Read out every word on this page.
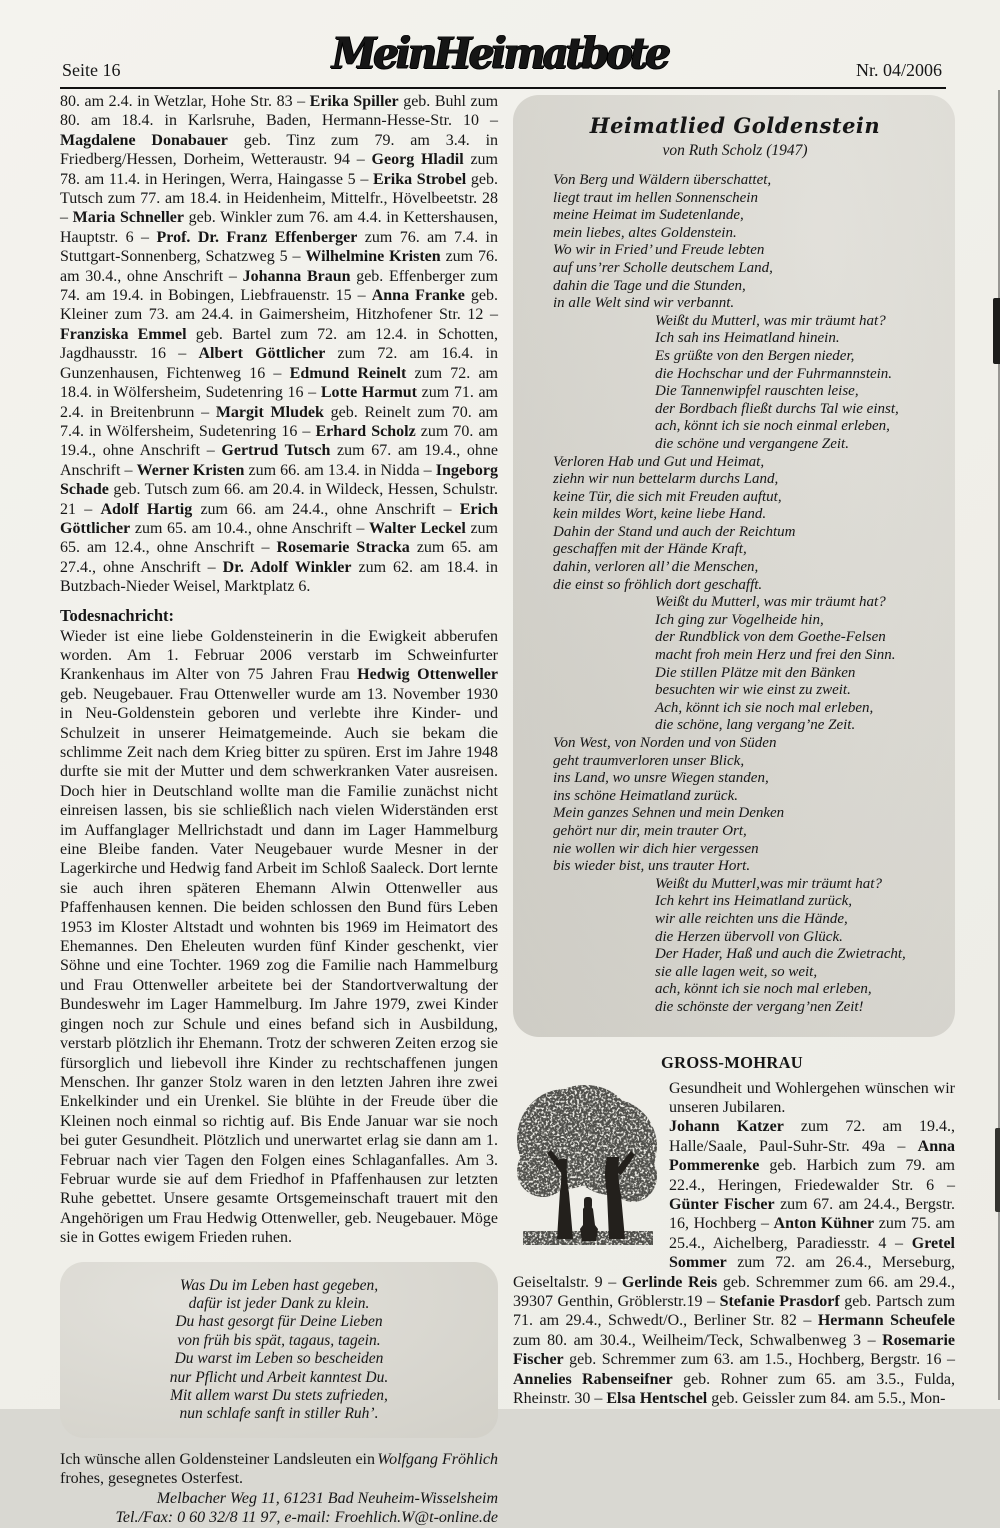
Seite 16	MeinHeimatbote	Nr. 04/2006

80. am 2.4. in Wetzlar, Hohe Str. 83 – Erika Spiller geb. Buhl zum 80. am 18.4. in Karlsruhe, Baden, Hermann-Hesse-Str. 10 – Magdalene Donabauer geb. Tinz zum 79. am 3.4. in Friedberg/Hessen, Dorheim, Wetteraustr. 94 – Georg Hladil zum 78. am 11.4. in Heringen, Werra, Haingasse 5 – Erika Strobel geb. Tutsch zum 77. am 18.4. in Heidenheim, Mittelfr., Hövelbeetstr. 28 – Maria Schneller geb. Winkler zum 76. am 4.4. in Kettershausen, Hauptstr. 6 – Prof. Dr. Franz Effenberger zum 76. am 7.4. in Stuttgart-Sonnenberg, Schatzweg 5 – Wilhelmine Kristen zum 76. am 30.4., ohne Anschrift – Johanna Braun geb. Effenberger zum 74. am 19.4. in Bobingen, Liebfrauenstr. 15 – Anna Franke geb. Kleiner zum 73. am 24.4. in Gaimersheim, Hitzhofener Str. 12 – Franziska Emmel geb. Bartel zum 72. am 12.4. in Schotten, Jagdhausstr. 16 – Albert Göttlicher zum 72. am 16.4. in Gunzenhausen, Fichtenweg 16 – Edmund Reinelt zum 72. am 18.4. in Wölfersheim, Sudetenring 16 – Lotte Harmut zum 71. am 2.4. in Breitenbrunn – Margit Mludek geb. Reinelt zum 70. am 7.4. in Wölfersheim, Sudetenring 16 – Erhard Scholz zum 70. am 19.4., ohne Anschrift – Gertrud Tutsch zum 67. am 19.4., ohne Anschrift – Werner Kristen zum 66. am 13.4. in Nidda – Ingeborg Schade geb. Tutsch zum 66. am 20.4. in Wildeck, Hessen, Schulstr. 21 – Adolf Hartig zum 66. am 24.4., ohne Anschrift – Erich Göttlicher zum 65. am 10.4., ohne Anschrift – Walter Leckel zum 65. am 12.4., ohne Anschrift – Rosemarie Stracka zum 65. am 27.4., ohne Anschrift – Dr. Adolf Winkler zum 62. am 18.4. in Butzbach-Nieder Weisel, Marktplatz 6.

Todesnachricht:

Wieder ist eine liebe Goldensteinerin in die Ewigkeit abberufen worden. Am 1. Februar 2006 verstarb im Schweinfurter Krankenhaus im Alter von 75 Jahren Frau Hedwig Ottenweller geb. Neugebauer. Frau Ottenweller wurde am 13. November 1930 in Neu-Goldenstein geboren und verlebte ihre Kinder- und Schulzeit in unserer Heimatgemeinde. Auch sie bekam die schlimme Zeit nach dem Krieg bitter zu spüren. Erst im Jahre 1948 durfte sie mit der Mutter und dem schwerkranken Vater ausreisen. Doch hier in Deutschland wollte man die Familie zunächst nicht einreisen lassen, bis sie schließlich nach vielen Widerständen erst im Auffanglager Mellrichstadt und dann im Lager Hammelburg eine Bleibe fanden. Vater Neugebauer wurde Mesner in der Lagerkirche und Hedwig fand Arbeit im Schloß Saaleck. Dort lernte sie auch ihren späteren Ehemann Alwin Ottenweller aus Pfaffenhausen kennen. Die beiden schlossen den Bund fürs Leben 1953 im Kloster Altstadt und wohnten bis 1969 im Heimatort des Ehemannes. Den Eheleuten wurden fünf Kinder geschenkt, vier Söhne und eine Tochter. 1969 zog die Familie nach Hammelburg und Frau Ottenweller arbeitete bei der Standortverwaltung der Bundeswehr im Lager Hammelburg. Im Jahre 1979, zwei Kinder gingen noch zur Schule und eines befand sich in Ausbildung, verstarb plötzlich ihr Ehemann. Trotz der schweren Zeiten erzog sie fürsorglich und liebevoll ihre Kinder zu rechtschaffenen jungen Menschen. Ihr ganzer Stolz waren in den letzten Jahren ihre zwei Enkelkinder und ein Urenkel. Sie blühte in der Freude über die Kleinen noch einmal so richtig auf. Bis Ende Januar war sie noch bei guter Gesundheit. Plötzlich und unerwartet erlag sie dann am 1. Februar nach vier Tagen den Folgen eines Schlaganfalles. Am 3. Februar wurde sie auf dem Friedhof in Pfaffenhausen zur letzten Ruhe gebettet. Unsere gesamte Ortsgemeinschaft trauert mit den Angehörigen um Frau Hedwig Ottenweller, geb. Neugebauer. Möge sie in Gottes ewigem Frieden ruhen.

Was Du im Leben hast gegeben,
dafür ist jeder Dank zu klein.
Du hast gesorgt für Deine Lieben
von früh bis spät, tagaus, tagein.
Du warst im Leben so bescheiden
nur Pflicht und Arbeit kanntest Du.
Mit allem warst Du stets zufrieden,
nun schlafe sanft in stiller Ruh’.
Wolfgang Fröhlich
Ich wünsche allen Goldensteiner Landsleuten ein frohes, gesegnetes Osterfest.
Melbacher Weg 11, 61231 Bad Neuheim-Wisselsheim
Tel./Fax: 0 60 32/8 11 97, e-mail: Froehlich.W@t-online.de
Heimatlied Goldenstein
von Ruth Scholz (1947)
Von Berg und Wäldern überschattet,
liegt traut im hellen Sonnenschein
meine Heimat im Sudetenlande,
mein liebes, altes Goldenstein.
Wo wir in Fried’ und Freude lebten
auf uns’rer Scholle deutschem Land,
dahin die Tage und die Stunden,
in alle Welt sind wir verbannt.
Weißt du Mutterl, was mir träumt hat?
Ich sah ins Heimatland hinein.
Es grüßte von den Bergen nieder,
die Hochschar und der Fuhrmannstein.
Die Tannenwipfel rauschten leise,
der Bordbach fließt durchs Tal wie einst,
ach, könnt ich sie noch einmal erleben,
die schöne und vergangene Zeit.
Verloren Hab und Gut und Heimat,
ziehn wir nun bettelarm durchs Land,
keine Tür, die sich mit Freuden auftut,
kein mildes Wort, keine liebe Hand.
Dahin der Stand und auch der Reichtum
geschaffen mit der Hände Kraft,
dahin, verloren all’ die Menschen,
die einst so fröhlich dort geschafft.
Weißt du Mutterl, was mir träumt hat?
Ich ging zur Vogelheide hin,
der Rundblick von dem Goethe-Felsen
macht froh mein Herz und frei den Sinn.
Die stillen Plätze mit den Bänken
besuchten wir wie einst zu zweit.
Ach, könnt ich sie noch mal erleben,
die schöne, lang vergang’ne Zeit.
Von West, von Norden und von Süden
geht traumverloren unser Blick,
ins Land, wo unsre Wiegen standen,
ins schöne Heimatland zurück.
Mein ganzes Sehnen und mein Denken
gehört nur dir, mein trauter Ort,
nie wollen wir dich hier vergessen
bis wieder bist, uns trauter Hort.
Weißt du Mutterl,was mir träumt hat?
Ich kehrt ins Heimatland zurück,
wir alle reichten uns die Hände,
die Herzen übervoll von Glück.
Der Hader, Haß und auch die Zwietracht,
sie alle lagen weit, so weit,
ach, könnt ich sie noch mal erleben,
die schönste der vergang’nen Zeit!
GROSS-MOHRAU

Gesundheit und Wohlergehen wünschen wir unseren Jubilaren.

Johann Katzer zum 72. am 19.4., Halle/Saale, Paul-Suhr-Str. 49a – Anna Pommerenke geb. Harbich zum 79. am 22.4., Heringen, Friedewalder Str. 6 – Günter Fischer zum 67. am 24.4., Bergstr. 16, Hochberg – Anton Kühner zum 75. am 25.4., Aichelberg, Paradiesstr. 4 – Gretel Sommer zum 72. am 26.4., Merseburg, Geiseltalstr. 9 – Gerlinde Reis geb. Schremmer zum 66. am 29.4., 39307 Genthin, Gröblerstr.19 – Stefanie Prasdorf geb. Partsch zum 71. am 29.4., Schwedt/O., Berliner Str. 82 – Hermann Scheufele zum 80. am 30.4., Weilheim/Teck, Schwalbenweg 3 – Rosemarie Fischer geb. Schremmer zum 63. am 1.5., Hochberg, Bergstr. 16 – Annelies Rabenseifner geb. Rohner zum 65. am 3.5., Fulda, Rheinstr. 30 – Elsa Hentschel geb. Geissler zum 84. am 5.5., Mon-
